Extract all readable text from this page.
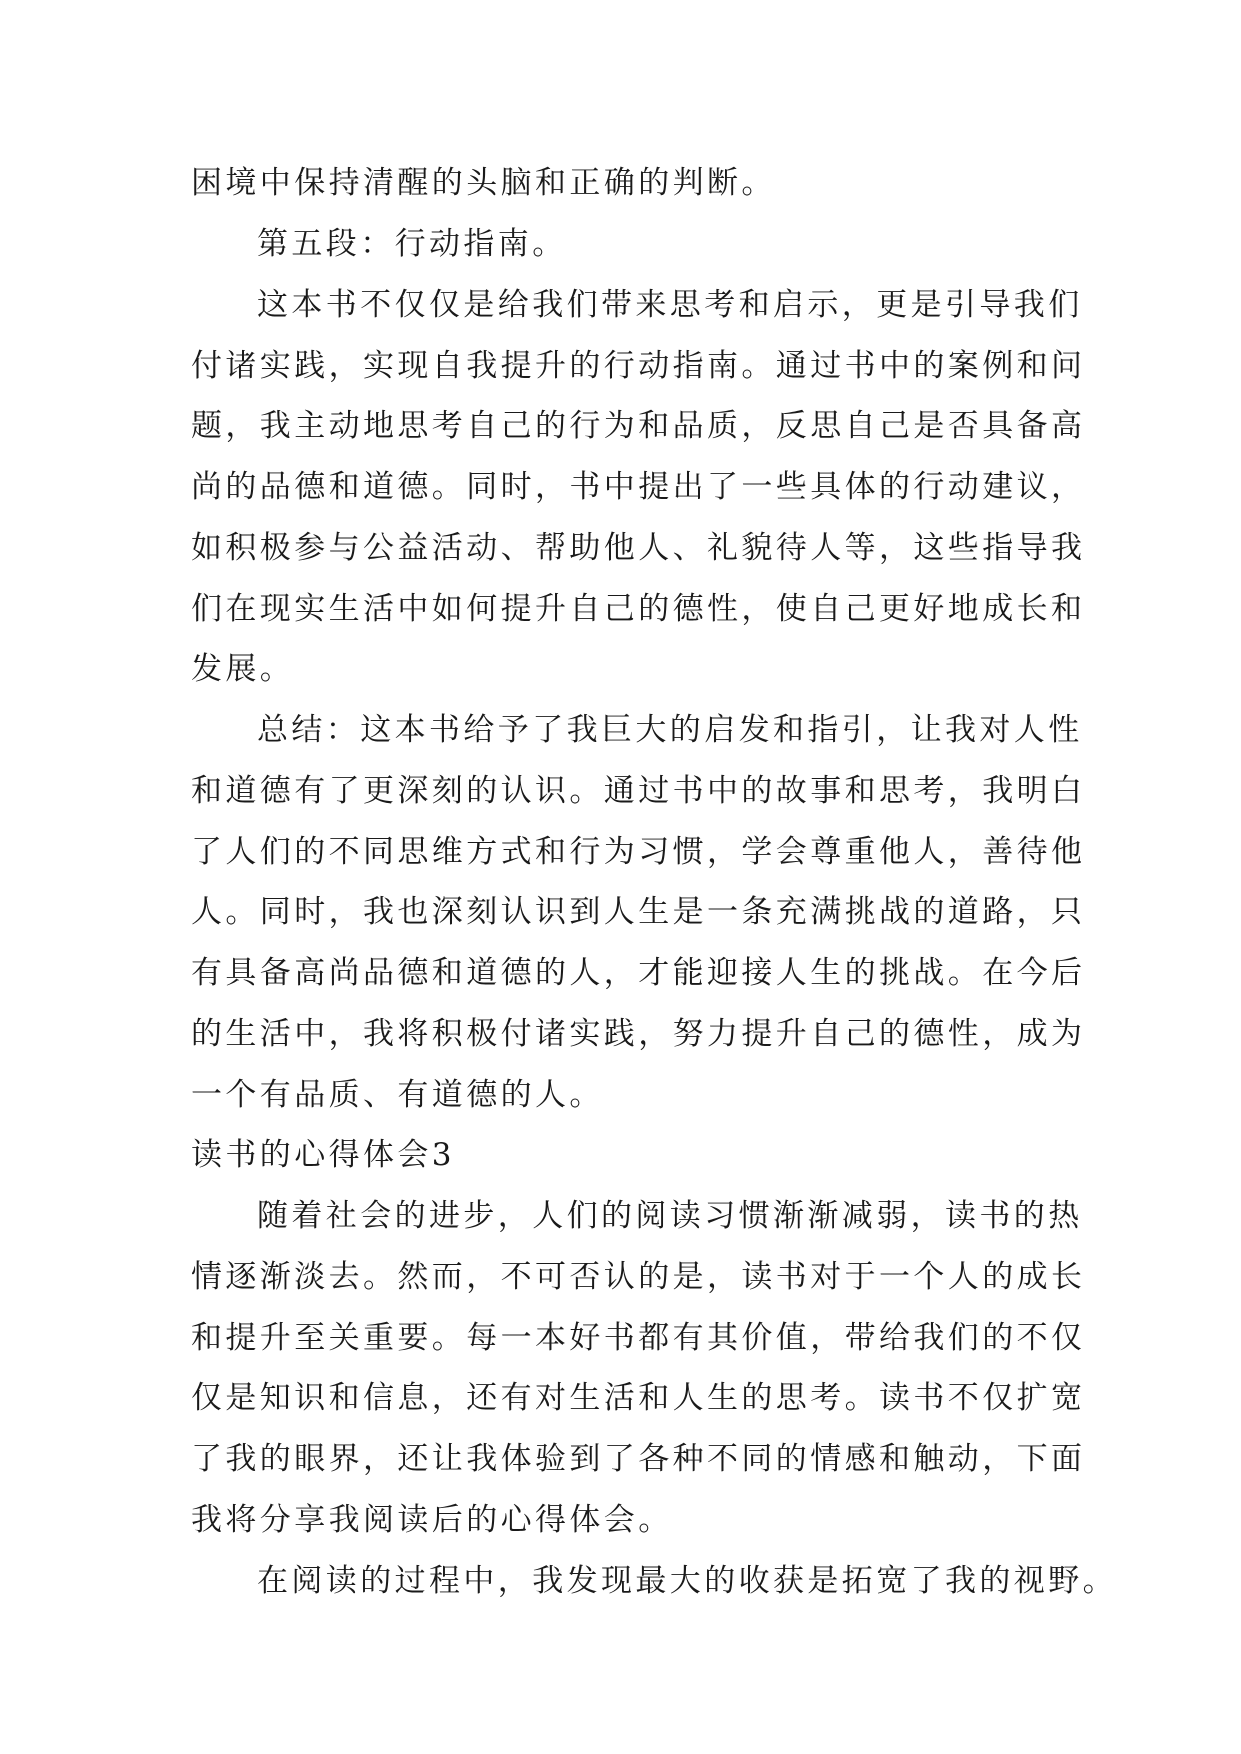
困境中保持清醒的头脑和正确的判断。
第五段：行动指南。
这本书不仅仅是给我们带来思考和启示，更是引导我们
付诸实践，实现自我提升的行动指南。通过书中的案例和问
题，我主动地思考自己的行为和品质，反思自己是否具备高
尚的品德和道德。同时，书中提出了一些具体的行动建议，
如积极参与公益活动、帮助他人、礼貌待人等，这些指导我
们在现实生活中如何提升自己的德性，使自己更好地成长和
发展。
总结：这本书给予了我巨大的启发和指引，让我对人性
和道德有了更深刻的认识。通过书中的故事和思考，我明白
了人们的不同思维方式和行为习惯，学会尊重他人，善待他
人。同时，我也深刻认识到人生是一条充满挑战的道路，只
有具备高尚品德和道德的人，才能迎接人生的挑战。在今后
的生活中，我将积极付诸实践，努力提升自己的德性，成为
一个有品质、有道德的人。
读书的心得体会3
随着社会的进步，人们的阅读习惯渐渐减弱，读书的热
情逐渐淡去。然而，不可否认的是，读书对于一个人的成长
和提升至关重要。每一本好书都有其价值，带给我们的不仅
仅是知识和信息，还有对生活和人生的思考。读书不仅扩宽
了我的眼界，还让我体验到了各种不同的情感和触动，下面
我将分享我阅读后的心得体会。
在阅读的过程中，我发现最大的收获是拓宽了我的视野。
